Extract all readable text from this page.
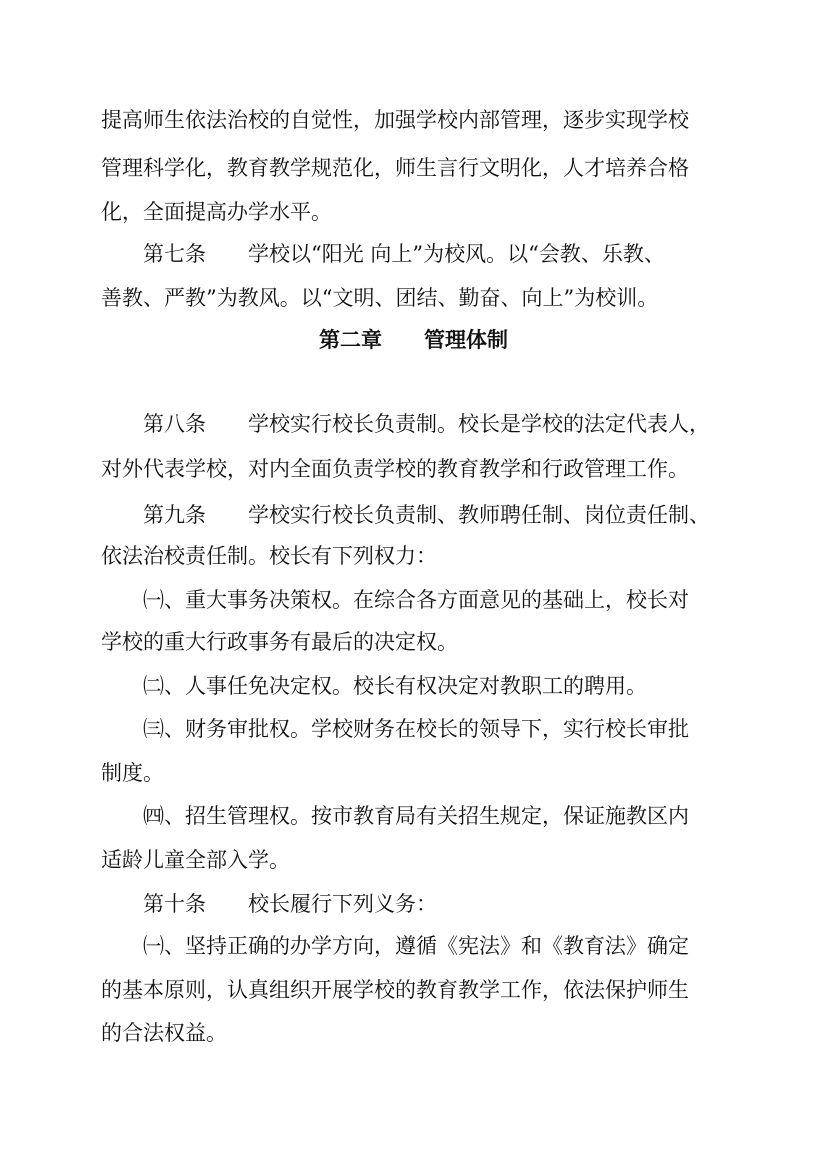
提高师生依法治校的自觉性，加强学校内部管理，逐步实现学校
管理科学化，教育教学规范化，师生言行文明化，人才培养合格
化，全面提高办学水平。
第七条　　学校以“阳光 向上”为校风。以“会教、乐教、
善教、严教”为教风。以“文明、团结、勤奋、向上”为校训。
第二章　　管理体制
第八条　　学校实行校长负责制。校长是学校的法定代表人，
对外代表学校，对内全面负责学校的教育教学和行政管理工作。
第九条　　学校实行校长负责制、教师聘任制、岗位责任制、
依法治校责任制。校长有下列权力：
㈠、重大事务决策权。在综合各方面意见的基础上，校长对
学校的重大行政事务有最后的决定权。
㈡、人事任免决定权。校长有权决定对教职工的聘用。
㈢、财务审批权。学校财务在校长的领导下，实行校长审批
制度。
㈣、招生管理权。按市教育局有关招生规定，保证施教区内
适龄儿童全部入学。
第十条　　校长履行下列义务：
㈠、坚持正确的办学方向，遵循《宪法》和《教育法》确定
的基本原则，认真组织开展学校的教育教学工作，依法保护师生
的合法权益。
